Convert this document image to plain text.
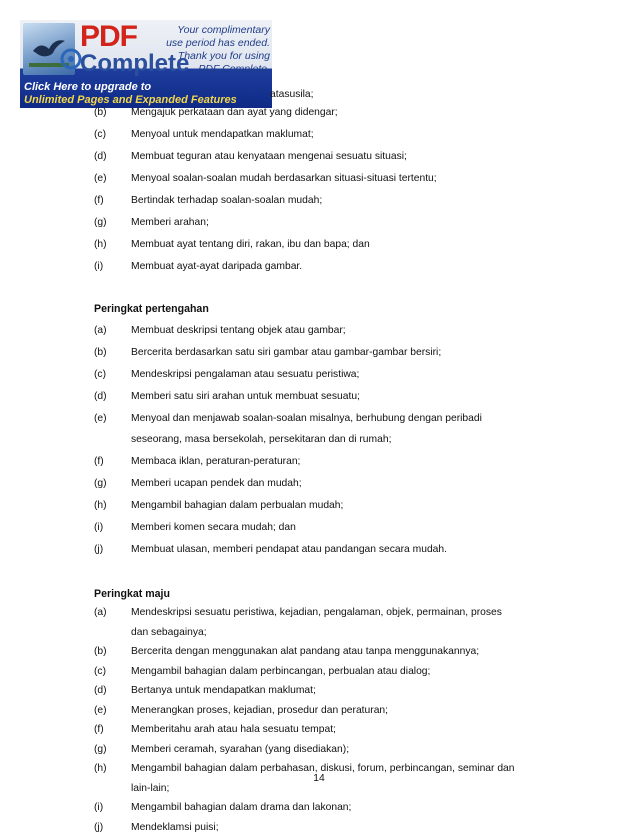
PDF
Complete
Your complimentary
use period has ended.
Thank you for using
PDF Complete.
Click Here to upgrade to
Unlimited Pages and Expanded Features	atasusila;
(b) Mengajuk perkataan dan ayat yang didengar;
(c) Menyoal untuk mendapatkan maklumat;
(d) Membuat teguran atau kenyataan mengenai sesuatu situasi;
(e) Menyoal soalan-soalan mudah berdasarkan situasi-situasi tertentu;
(f)	Bertindak terhadap soalan-soalan mudah;
(g) Memberi arahan;
(h) Membuat ayat tentang diri, rakan, ibu dan bapa; dan
(i)	Membuat ayat-ayat daripada gambar.
Peringkat pertengahan
(a) Membuat deskripsi tentang objek atau gambar;
(b) Bercerita berdasarkan satu siri gambar atau gambar-gambar bersiri;
(c) Mendeskripsi pengalaman atau sesuatu peristiwa;
(d) Memberi satu siri arahan untuk membuat sesuatu;
(e) Menyoal dan menjawab soalan-soalan misalnya, berhubung dengan peribadi
seseorang, masa bersekolah, persekitaran dan di rumah;
(f)	Membaca iklan, peraturan-peraturan;
(g) Memberi ucapan pendek dan mudah;
(h) Mengambil bahagian dalam perbualan mudah;
(i)	Memberi komen secara mudah; dan
(j)	Membuat ulasan, memberi pendapat atau pandangan secara mudah.
Peringkat maju
(a) Mendeskripsi sesuatu peristiwa, kejadian, pengalaman, objek, permainan, proses
dan sebagainya;
(b) Bercerita dengan menggunakan alat pandang atau tanpa menggunakannya;
(c) Mengambil bahagian dalam perbincangan, perbualan atau dialog;
(d) Bertanya untuk mendapatkan maklumat;
(e) Menerangkan proses, kejadian, prosedur dan peraturan;
(f)	Memberitahu arah atau hala sesuatu tempat;
(g) Memberi ceramah, syarahan (yang disediakan);
(h) Mengambil bahagian dalam perbahasan, diskusi, forum, perbincangan, seminar dan
lain-lain;
(i)	Mengambil bahagian dalam drama dan lakonan;
(j)	Mendeklamsi puisi;
14
